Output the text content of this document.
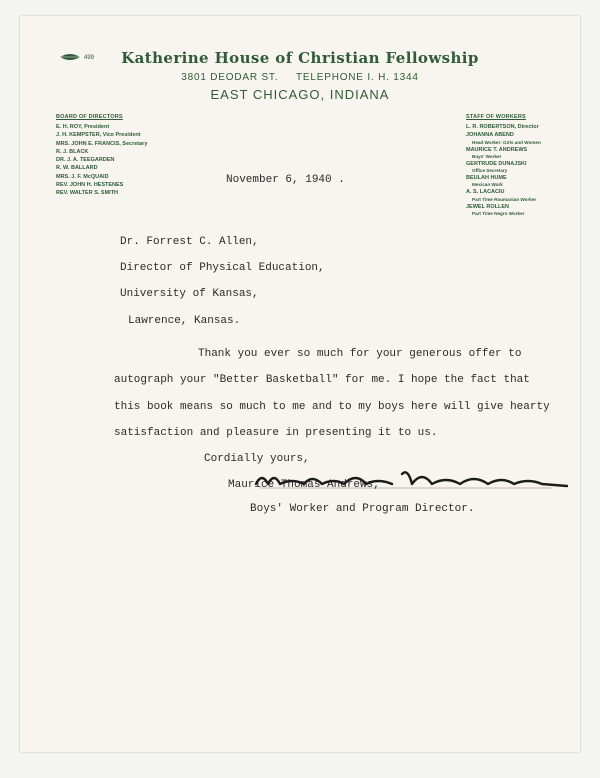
499	Katherine House of Christian Fellowship
3801 DEODAR ST.     TELEPHONE I. H. 1344
EAST CHICAGO, INDIANA
BOARD OF DIRECTORS
E. H. ROY, President
J. H. KEMPSTER, Vice President
MRS. JOHN E. FRANCIS, Secretary
R. J. BLACK
DR. J. A. TEEGARDEN
R. W. BALLARD
MRS. J. F. McQUAID
REV. JOHN H. HESTENES
REV. WALTER S. SMITH
STAFF OF WORKERS
L. R. ROBERTSON, Director
JOHANNA ABEND
Head Worker: Girls and Women
MAURICE T. ANDREWS
Boys' Worker
GERTRUDE DUNAJSKI
Office Secretary
BEULAH HUME
Mexican Work
A. S. LACACIU
Part Time Roumanian Worker
JEWEL ROLLEN
Part Time Negro Worker
November 6, 1940 .
Dr. Forrest C. Allen,
Director of Physical Education,
University of Kansas,
Lawrence, Kansas.
Thank you ever so much for your generous offer to
autograph your "Better Basketball" for me. I hope the fact that
this book means so much to me and to my boys here will give hearty
satisfaction and pleasure in presenting it to us.
Cordially yours,
Maurice Thomas Andrews,
Boys' Worker and Program Director.
